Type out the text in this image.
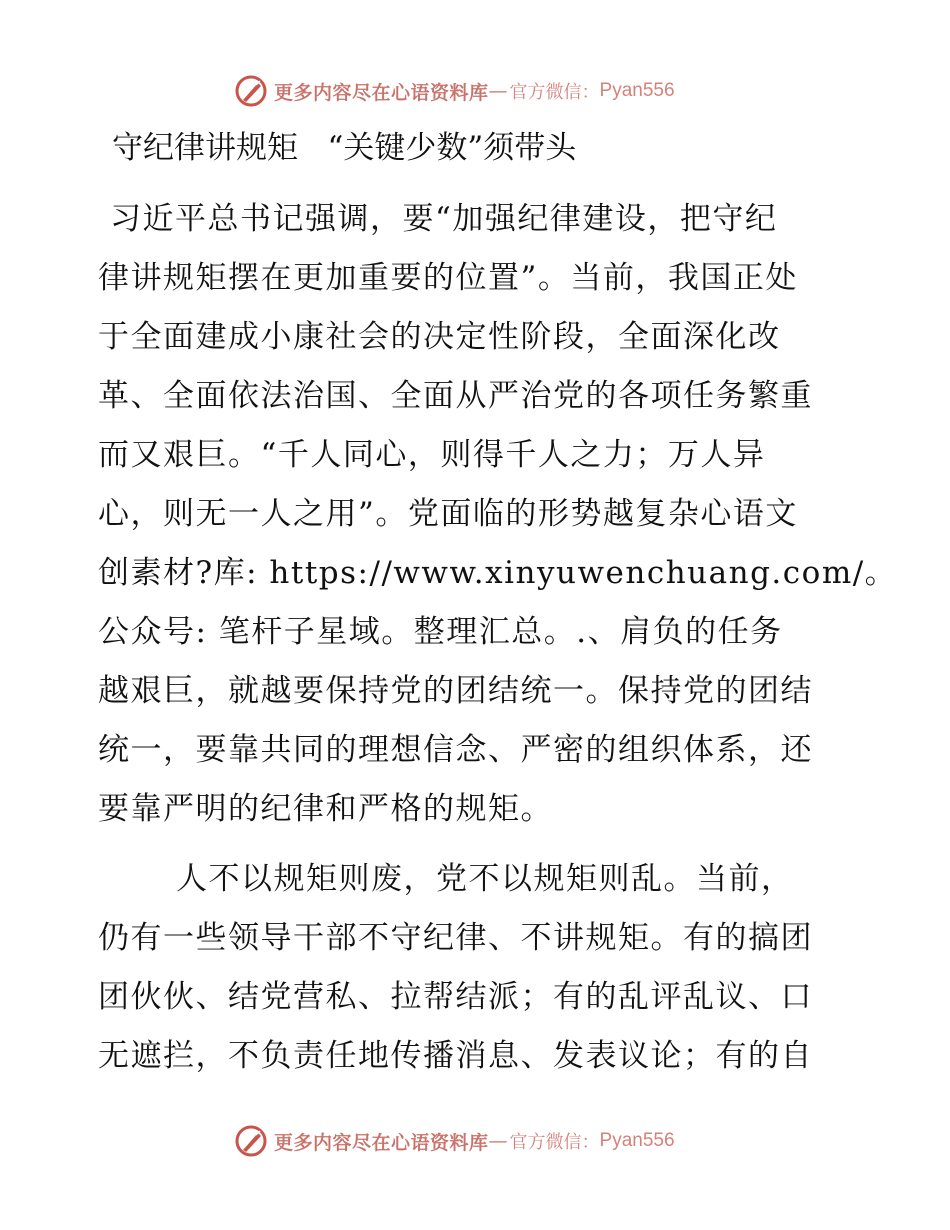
更多内容尽在心语资料库 — 官方微信： Pyan556
守纪律讲规矩   “关键少数”须带头
习近平总书记强调，要“加强纪律建设，把守纪
律讲规矩摆在更加重要的位置”。当前，我国正处
于全面建成小康社会的决定性阶段，全面深化改
革、全面依法治国、全面从严治党的各项任务繁重
而又艰巨。“千人同心，则得千人之力；万人异
心，则无一人之用”。党面临的形势越复杂心语文
创素材?库: https://www.xinyuwenchuang.com/。
公众号: 笔杆子星域。整理汇总。.、肩负的任务
越艰巨，就越要保持党的团结统一。保持党的团结
统一，要靠共同的理想信念、严密的组织体系，还
要靠严明的纪律和严格的规矩。
人不以规矩则废，党不以规矩则乱。当前，
仍有一些领导干部不守纪律、不讲规矩。有的搞团
团伙伙、结党营私、拉帮结派；有的乱评乱议、口
无遮拦，不负责任地传播消息、发表议论；有的自
更多内容尽在心语资料库 — 官方微信： Pyan556
